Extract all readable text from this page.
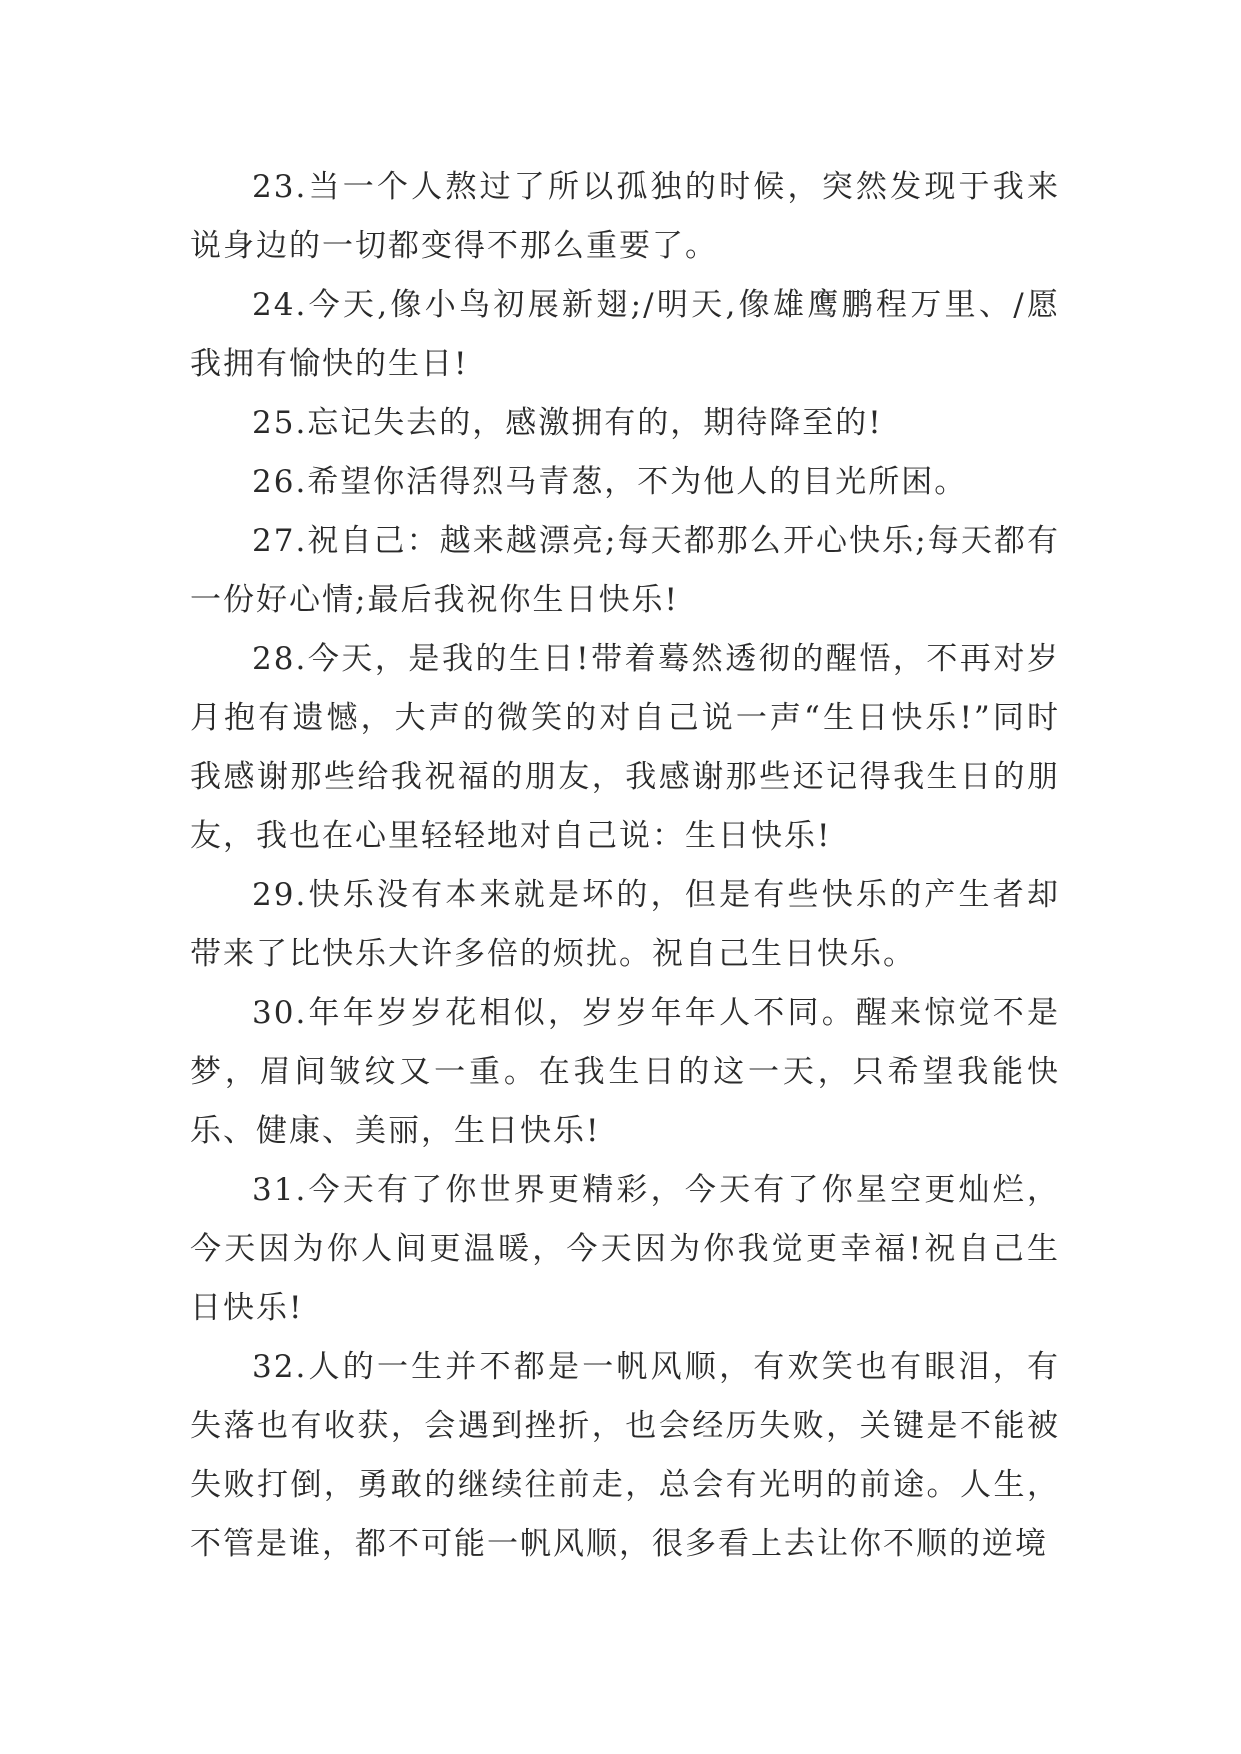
23.当一个人熬过了所以孤独的时候，突然发现于我来说身边的一切都变得不那么重要了。

24.今天,像小鸟初展新翅;/明天,像雄鹰鹏程万里、/愿我拥有愉快的生日!

25.忘记失去的，感激拥有的，期待降至的!

26.希望你活得烈马青葱，不为他人的目光所困。

27.祝自己：越来越漂亮;每天都那么开心快乐;每天都有一份好心情;最后我祝你生日快乐!

28.今天，是我的生日!带着蓦然透彻的醒悟，不再对岁月抱有遗憾，大声的微笑的对自己说一声“生日快乐!”同时我感谢那些给我祝福的朋友，我感谢那些还记得我生日的朋友，我也在心里轻轻地对自己说：生日快乐!

29.快乐没有本来就是坏的，但是有些快乐的产生者却带来了比快乐大许多倍的烦扰。祝自己生日快乐。

30.年年岁岁花相似，岁岁年年人不同。醒来惊觉不是梦，眉间皱纹又一重。在我生日的这一天，只希望我能快乐、健康、美丽，生日快乐!

31.今天有了你世界更精彩，今天有了你星空更灿烂，今天因为你人间更温暖，今天因为你我觉更幸福!祝自己生日快乐!

32.人的一生并不都是一帆风顺，有欢笑也有眼泪，有失落也有收获，会遇到挫折，也会经历失败，关键是不能被失败打倒，勇敢的继续往前走，总会有光明的前途。人生，不管是谁，都不可能一帆风顺，很多看上去让你不顺的逆境
